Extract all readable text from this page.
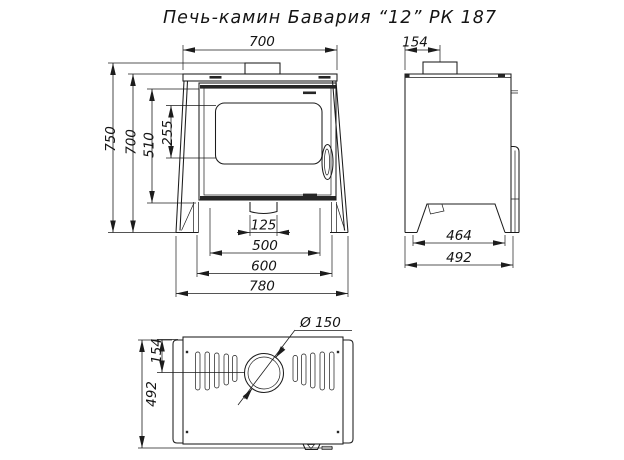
Печь-камин Бавария “12” РК 187
700
750 700 510 255
125
500
600
780
154
464
492
154
492
Ø 150
